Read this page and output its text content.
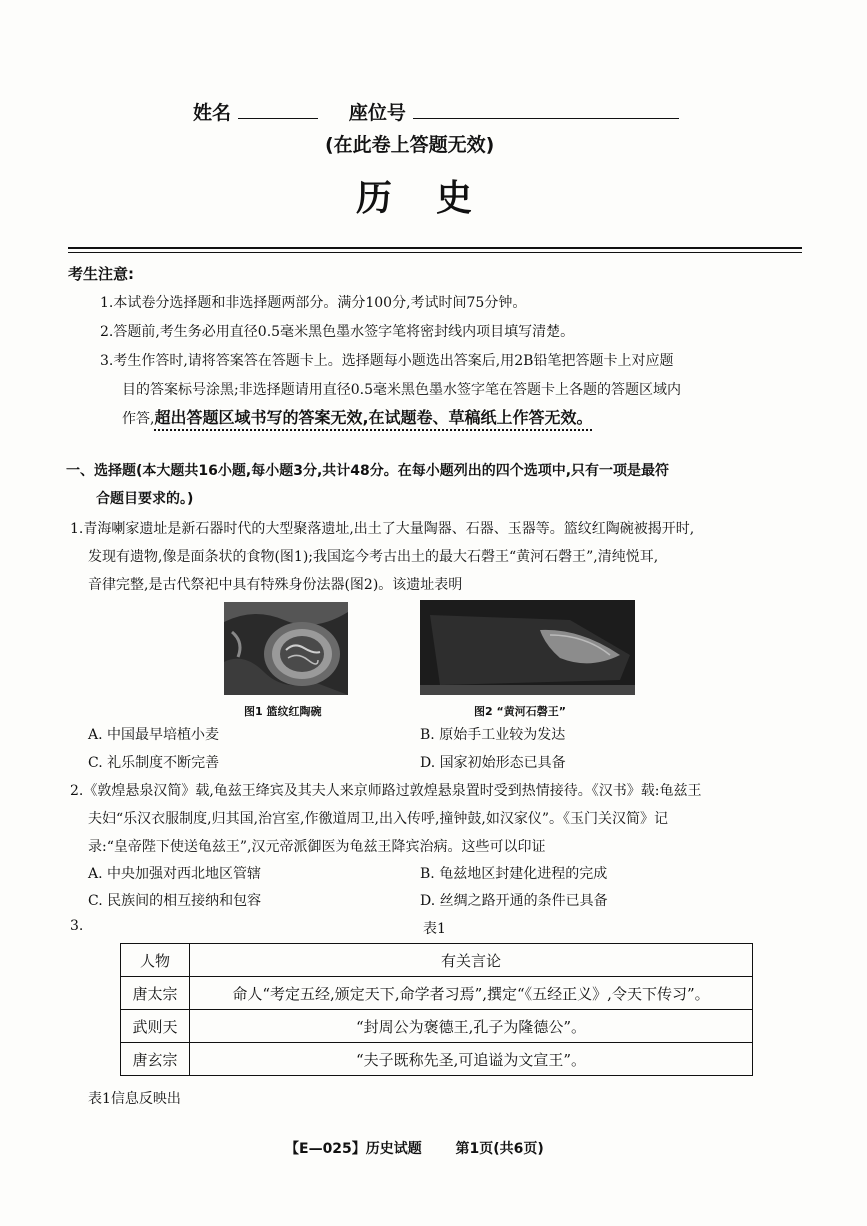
姓名	座位号
(在此卷上答题无效)
历　史
考生注意:
1.本试卷分选择题和非选择题两部分。满分100分,考试时间75分钟。
2.答题前,考生务必用直径0.5毫米黑色墨水签字笔将密封线内项目填写清楚。
3.考生作答时,请将答案答在答题卡上。选择题每小题选出答案后,用2B铅笔把答题卡上对应题
目的答案标号涂黑;非选择题请用直径0.5毫米黑色墨水签字笔在答题卡上各题的答题区域内
作答,超出答题区域书写的答案无效,在试题卷、草稿纸上作答无效。
一、选择题(本大题共16小题,每小题3分,共计48分。在每小题列出的四个选项中,只有一项是最符
合题目要求的。)
1.青海喇家遗址是新石器时代的大型聚落遗址,出土了大量陶器、石器、玉器等。篮纹红陶碗被揭开时,
发现有遗物,像是面条状的食物(图1);我国迄今考古出土的最大石磬王“黄河石磬王”,清纯悦耳,
音律完整,是古代祭祀中具有特殊身份法器(图2)。该遗址表明
图1 篮纹红陶碗	图2 “黄河石磬王”
A. 中国最早培植小麦	B. 原始手工业较为发达
C. 礼乐制度不断完善	D. 国家初始形态已具备
2.《敦煌悬泉汉简》载,龟兹王绛宾及其夫人来京师路过敦煌悬泉置时受到热情接待。《汉书》载:龟兹王
夫妇“乐汉衣服制度,归其国,治宫室,作徼道周卫,出入传呼,撞钟鼓,如汉家仪”。《玉门关汉简》记
录:“皇帝陛下使送龟兹王”,汉元帝派御医为龟兹王降宾治病。这些可以印证
A. 中央加强对西北地区管辖	B. 龟兹地区封建化进程的完成
C. 民族间的相互接纳和包容	D. 丝绸之路开通的条件已具备
3.	表1
人物	有关言论
唐太宗	命人“考定五经,颁定天下,命学者习焉”,撰定“《五经正义》,令天下传习”。
武则天	“封周公为褒德王,孔子为隆德公”。
唐玄宗	“夫子既称先圣,可追谥为文宣王”。
表1信息反映出
【E—025】历史试题 第1页(共6页)
